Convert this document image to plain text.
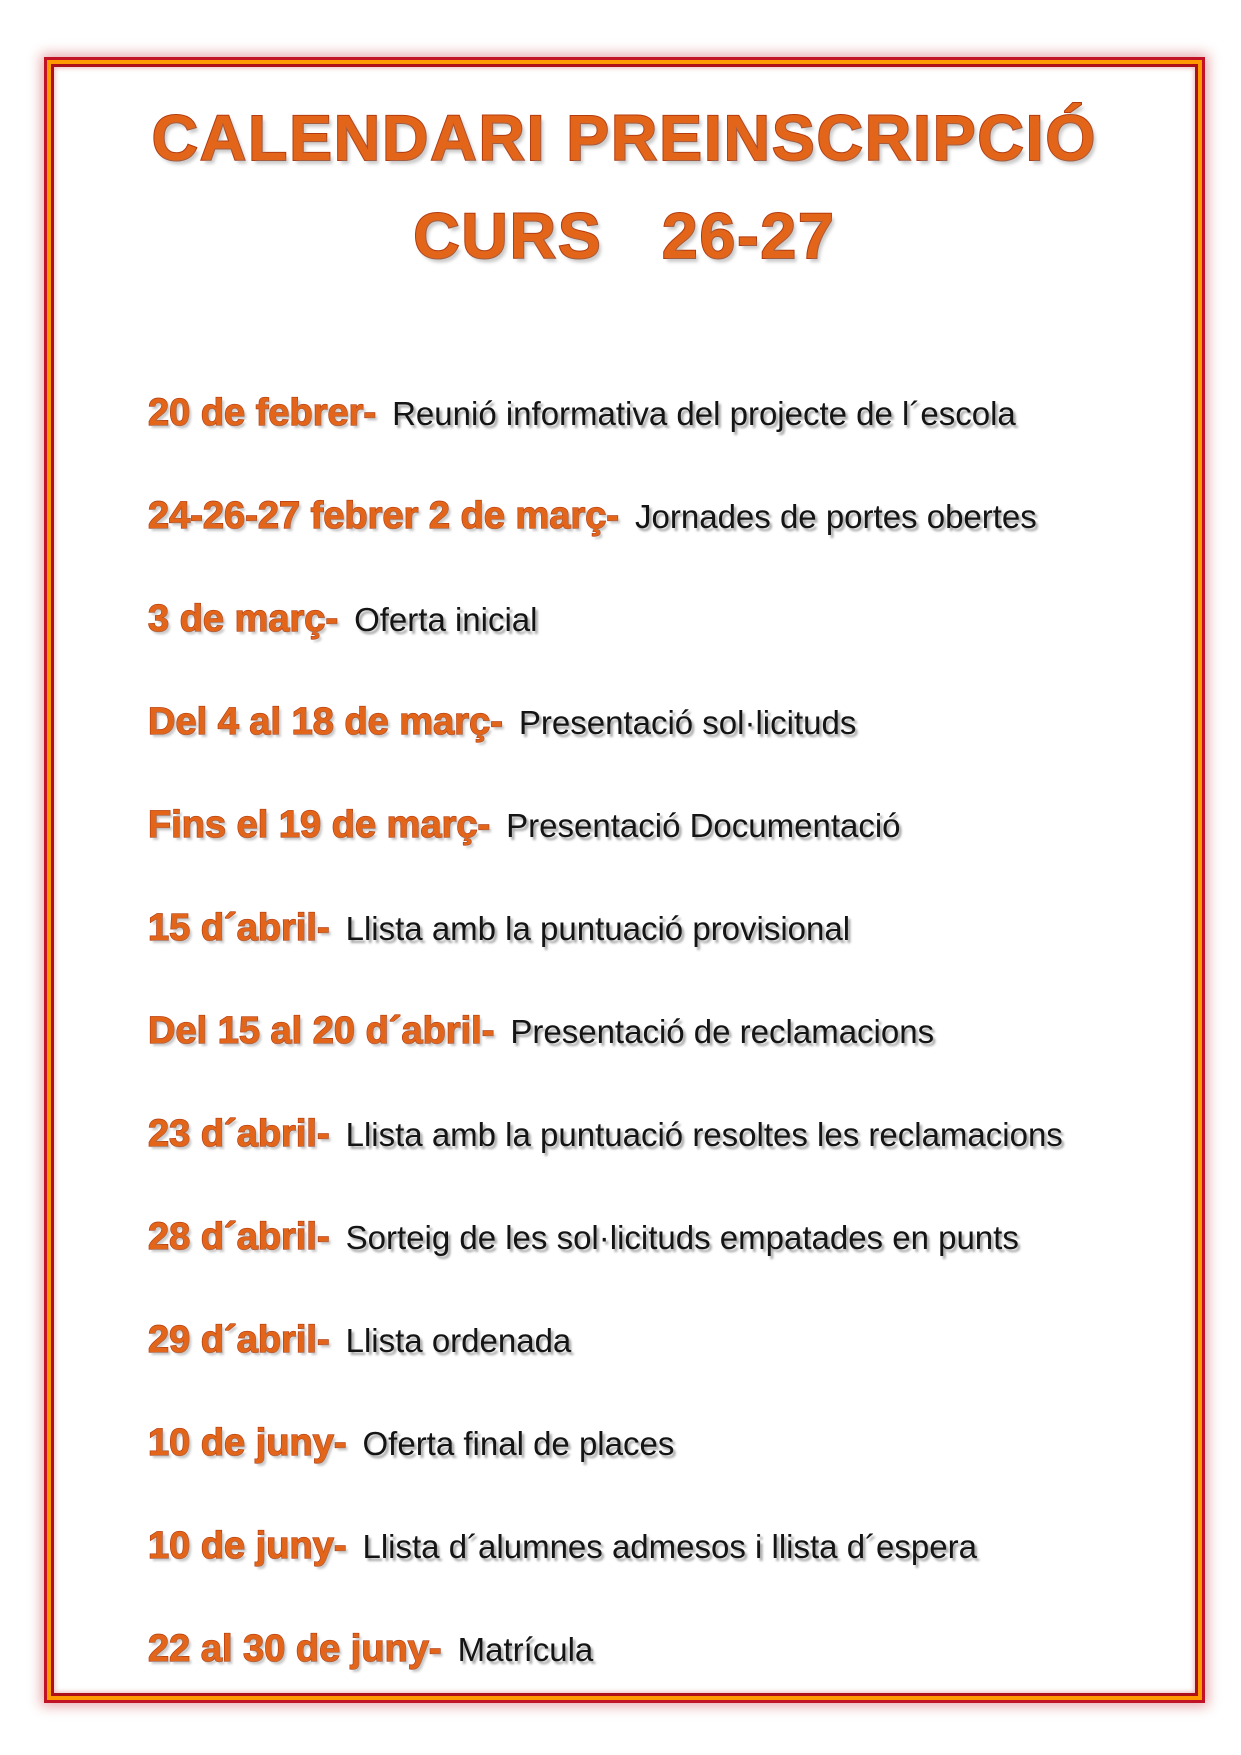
CALENDARI PREINSCRIPCIÓ
CURS   26-27
20 de febrer- Reunió informativa del projecte de l´escola
24-26-27 febrer 2 de març- Jornades de portes obertes
3 de març- Oferta inicial
Del 4 al 18 de març- Presentació sol·licituds
Fins el 19 de març- Presentació Documentació
15 d´abril- Llista amb la puntuació provisional
Del 15 al 20 d´abril- Presentació de reclamacions
23 d´abril- Llista amb la puntuació resoltes les reclamacions
28 d´abril- Sorteig de les sol·licituds empatades en punts
29 d´abril- Llista ordenada
10 de juny- Oferta final de places
10 de juny- Llista d´alumnes admesos i llista d´espera
22 al 30 de juny- Matrícula
